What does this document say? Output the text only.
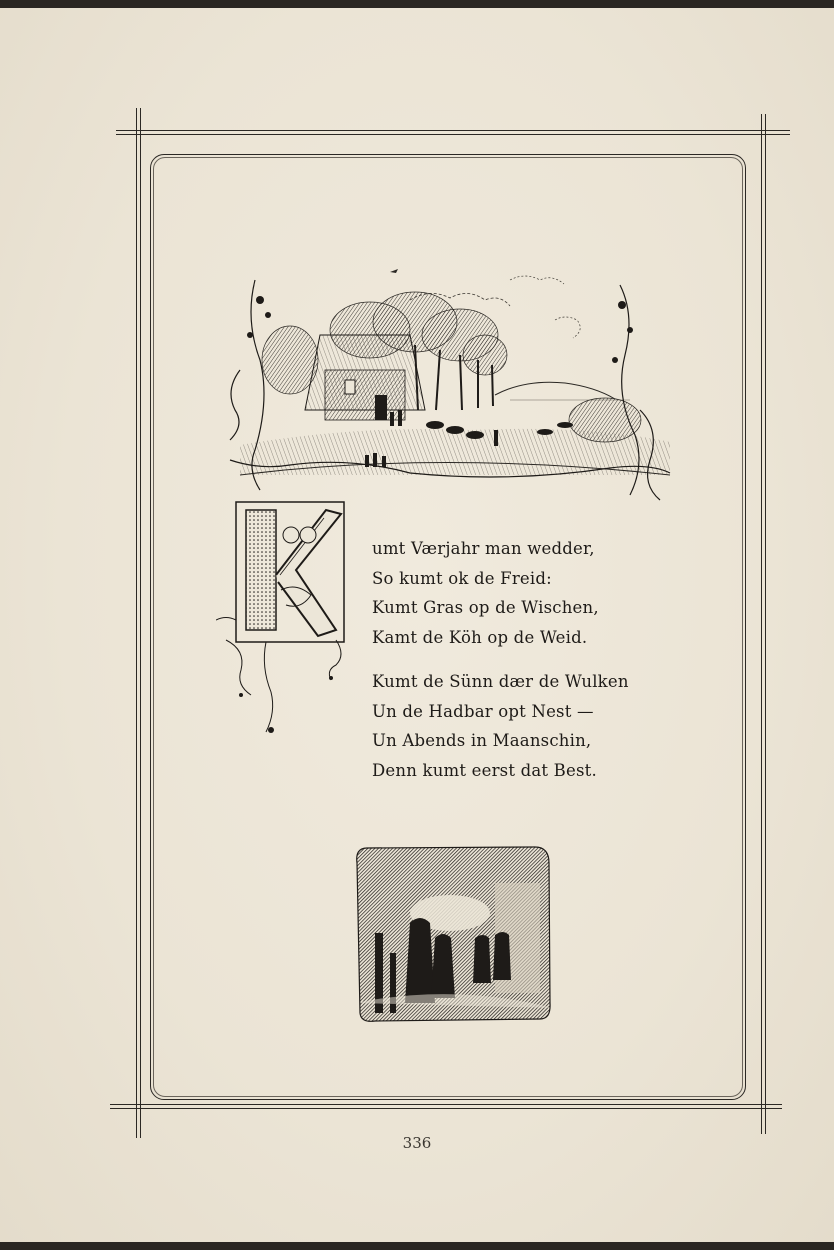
umt Værjahr man wedder,
So kumt ok de Freid:
Kumt Gras op de Wischen,
Kamt de Köh op de Weid.
Kumt de Sünn dær de Wulken
Un de Hadbar opt Nest —
Un Abends in Maanschin,
Denn kumt eerst dat Best.
336
